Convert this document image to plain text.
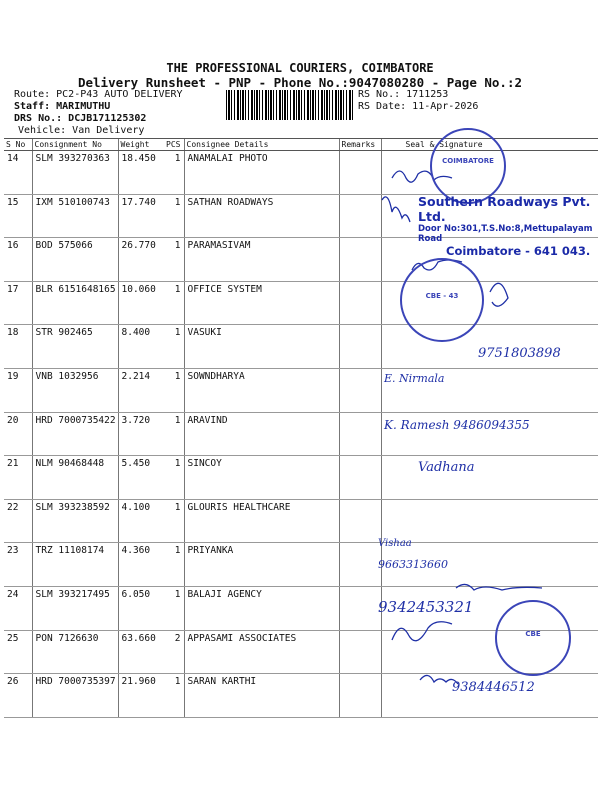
THE PROFESSIONAL COURIERS, COIMBATORE
Delivery Runsheet - PNP - Phone No.:9047080280 - Page No.:2
Route: PC2-P43 AUTO DELIVERY
Staff: MARIMUTHU
DRS No.: DCJB171125302
Vehicle: Van Delivery
RS No.: 1711253
RS Date: 11-Apr-2026
S No	Consignment No	Weight	PCS	Consignee Details	Remarks	Seal & Signature
14	SLM 393270363	18.450	1	ANAMALAI PHOTO		
15	IXM 510100743	17.740	1	SATHAN ROADWAYS		
16	BOD 575066	26.770	1	PARAMASIVAM		
17	BLR 6151648165	10.060	1	OFFICE SYSTEM		
18	STR 902465	8.400	1	VASUKI		
19	VNB 1032956	2.214	1	SOWNDHARYA		
20	HRD 7000735422	3.720	1	ARAVIND		
21	NLM 90468448	5.450	1	SINCOY		
22	SLM 393238592	4.100	1	GLOURIS HEALTHCARE		
23	TRZ 11108174	4.360	1	PRIYANKA		
24	SLM 393217495	6.050	1	BALAJI AGENCY		
25	PON 7126630	63.660	2	APPASAMI ASSOCIATES		
26	HRD 7000735397	21.960	1	SARAN KARTHI		
COIMBATORE
CBE - 43
CBE
Southern Roadways Pvt. Ltd.
Door No:301,T.S.No:8,Mettupalayam Road
Coimbatore - 641 043.
9751803898
E. Nirmala
K. Ramesh 9486094355
Vadhana
Vishaa
9663313660
9342453321
9384446512
